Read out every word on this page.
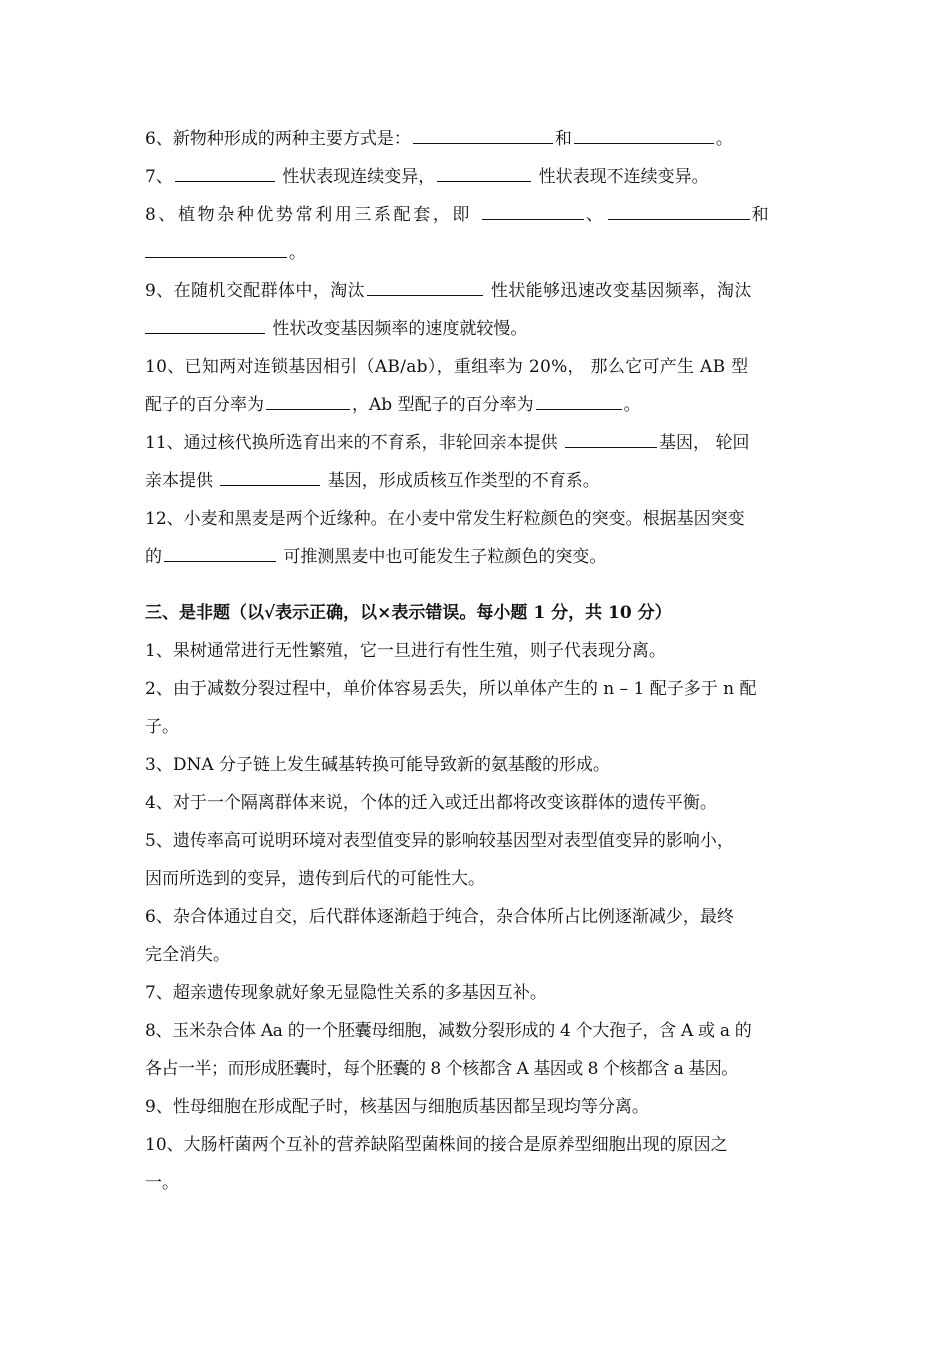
6、新物种形成的两种主要方式是：	和	。
7、	性状表现连续变异，	性状表现不连续变异。
8、植物杂种优势常利用三系配套，即	、	和
。
9、在随机交配群体中，淘汰	性状能够迅速改变基因频率，淘汰
性状改变基因频率的速度就较慢。
10、已知两对连锁基因相引（AB/ab），重组率为 20%， 那么它可产生 AB 型
配子的百分率为	，Ab 型配子的百分率为	。
11、通过核代换所选育出来的不育系，非轮回亲本提供	基因， 轮回
亲本提供	基因，形成质核互作类型的不育系。
12、小麦和黑麦是两个近缘种。在小麦中常发生籽粒颜色的突变。根据基因突变
的	可推测黑麦中也可能发生子粒颜色的突变。
三、是非题（以√表示正确，以×表示错误。每小题 1 分，共 10 分）
1、果树通常进行无性繁殖，它一旦进行有性生殖，则子代表现分离。
2、由于减数分裂过程中，单价体容易丢失，所以单体产生的 n – 1 配子多于 n 配
子。
3、DNA 分子链上发生碱基转换可能导致新的氨基酸的形成。
4、对于一个隔离群体来说，个体的迁入或迁出都将改变该群体的遗传平衡。
5、遗传率高可说明环境对表型值变异的影响较基因型对表型值变异的影响小，
因而所选到的变异，遗传到后代的可能性大。
6、杂合体通过自交，后代群体逐渐趋于纯合，杂合体所占比例逐渐减少，最终
完全消失。
7、超亲遗传现象就好象无显隐性关系的多基因互补。
8、玉米杂合体 Aa 的一个胚囊母细胞，减数分裂形成的 4 个大孢子，含 A 或 a 的
各占一半；而形成胚囊时，每个胚囊的 8 个核都含 A 基因或 8 个核都含 a 基因。
9、性母细胞在形成配子时，核基因与细胞质基因都呈现均等分离。
10、大肠杆菌两个互补的营养缺陷型菌株间的接合是原养型细胞出现的原因之
一。
